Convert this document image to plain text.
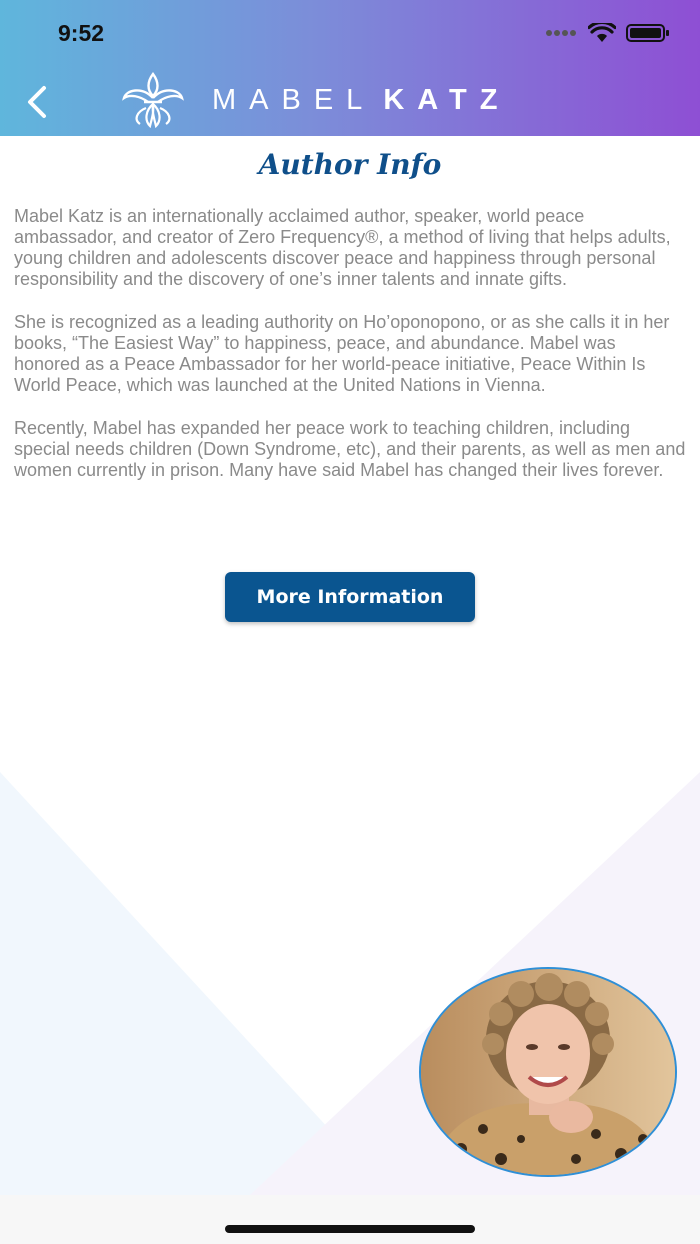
9:52
MABEL KATZ
Author Info

Mabel Katz is an internationally acclaimed author, speaker, world peace ambassador, and creator of Zero Frequency®, a method of living that helps adults, young children and adolescents discover peace and happiness through personal responsibility and the discovery of one’s inner talents and innate gifts.

She is recognized as a leading authority on Ho’oponopono, or as she calls it in her books, “The Easiest Way” to happiness, peace, and abundance. Mabel was honored as a Peace Ambassador for her world-peace initiative, Peace Within Is World Peace, which was launched at the United Nations in Vienna.

Recently, Mabel has expanded her peace work to teaching children, including special needs children (Down Syndrome, etc), and their parents, as well as men and women currently in prison. Many have said Mabel has changed their lives forever.

More Information
